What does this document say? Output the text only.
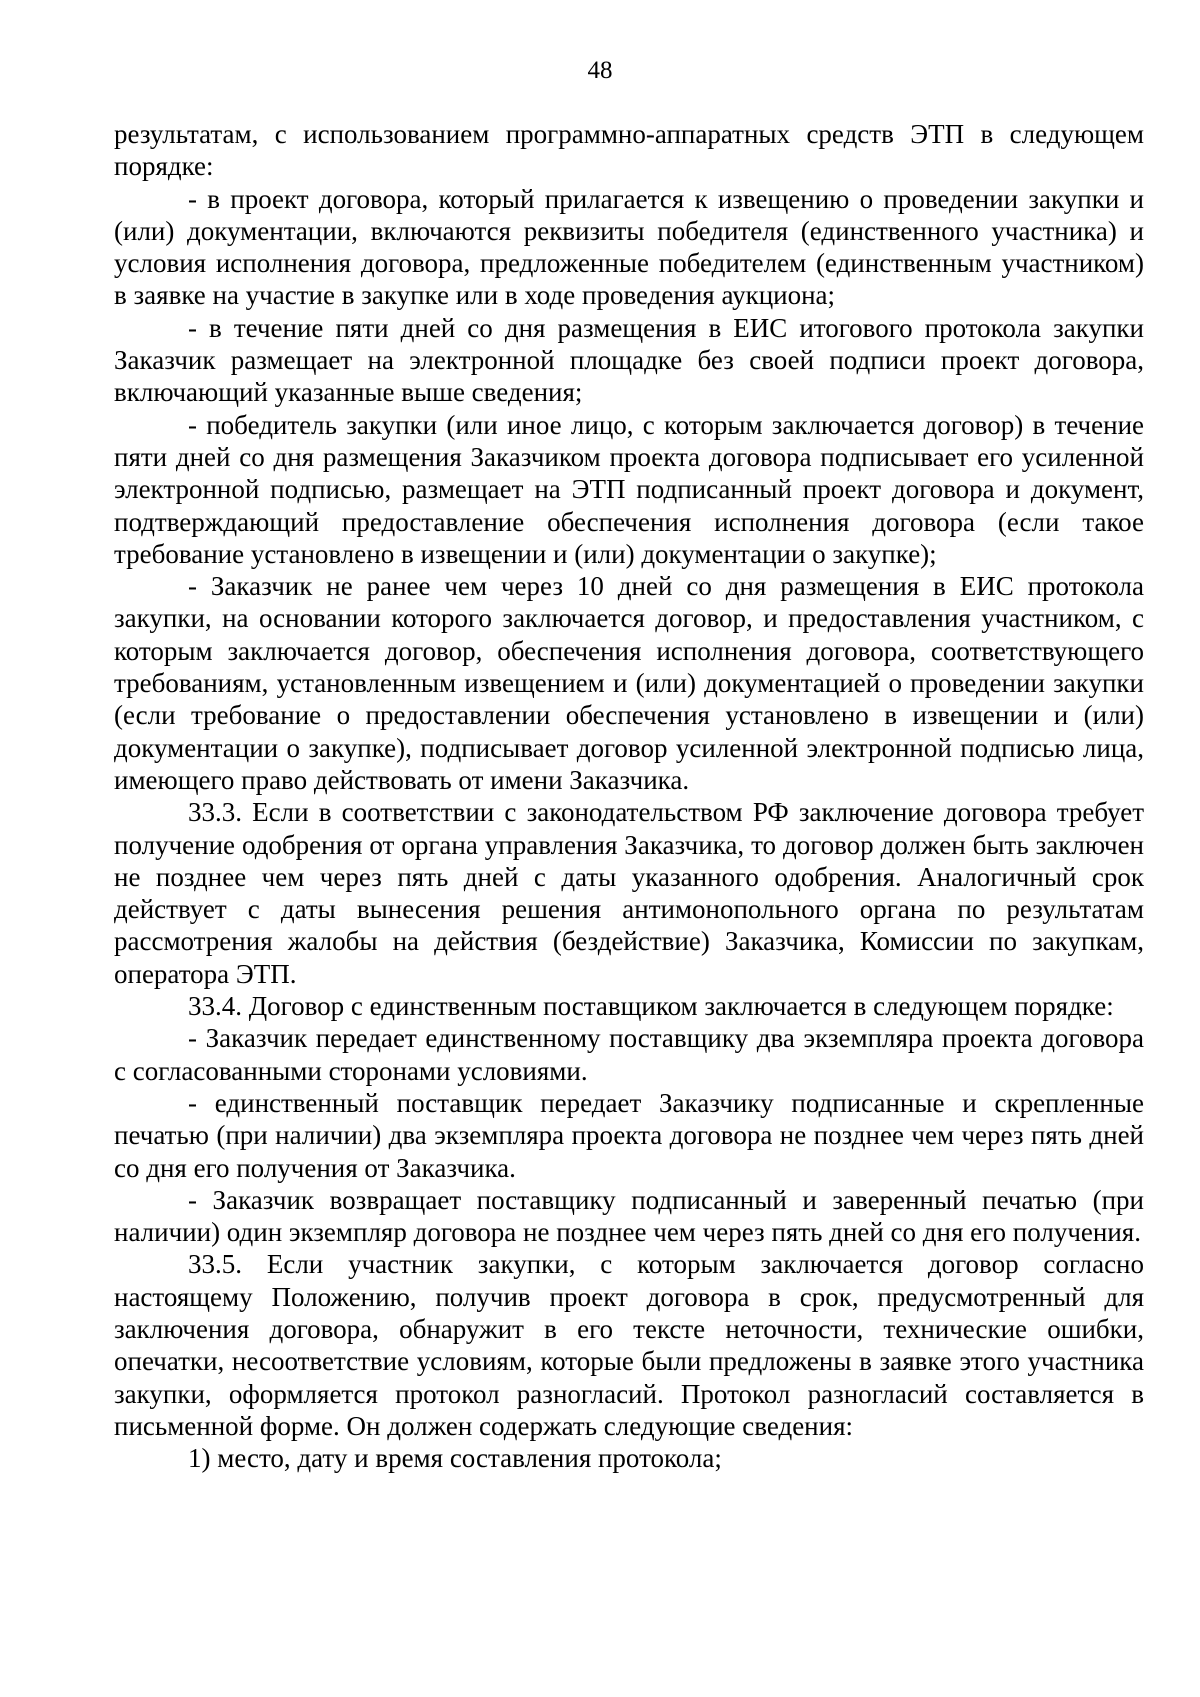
48

результатам, с использованием программно-аппаратных средств ЭТП в следующем порядке:

- в проект договора, который прилагается к извещению о проведении закупки и (или) документации, включаются реквизиты победителя (единственного участника) и условия исполнения договора, предложенные победителем (единственным участником) в заявке на участие в закупке или в ходе проведения аукциона;

- в течение пяти дней со дня размещения в ЕИС итогового протокола закупки Заказчик размещает на электронной площадке без своей подписи проект договора, включающий указанные выше сведения;

- победитель закупки (или иное лицо, с которым заключается договор) в течение пяти дней со дня размещения Заказчиком проекта договора подписывает его усиленной электронной подписью, размещает на ЭТП подписанный проект договора и документ, подтверждающий предоставление обеспечения исполнения договора (если такое требование установлено в извещении и (или) документации о закупке);

- Заказчик не ранее чем через 10 дней со дня размещения в ЕИС протокола закупки, на основании которого заключается договор, и предоставления участником, с которым заключается договор, обеспечения исполнения договора, соответствующего требованиям, установленным извещением и (или) документацией о проведении закупки (если требование о предоставлении обеспечения установлено в извещении и (или) документации о закупке), подписывает договор усиленной электронной подписью лица, имеющего право действовать от имени Заказчика.

33.3. Если в соответствии с законодательством РФ заключение договора требует получение одобрения от органа управления Заказчика, то договор должен быть заключен не позднее чем через пять дней с даты указанного одобрения. Аналогичный срок действует с даты вынесения решения антимонопольного органа по результатам рассмотрения жалобы на действия (бездействие) Заказчика, Комиссии по закупкам, оператора ЭТП.

33.4. Договор с единственным поставщиком заключается в следующем порядке:

- Заказчик передает единственному поставщику два экземпляра проекта договора с согласованными сторонами условиями.

- единственный поставщик передает Заказчику подписанные и скрепленные печатью (при наличии) два экземпляра проекта договора не позднее чем через пять дней со дня его получения от Заказчика.

- Заказчик возвращает поставщику подписанный и заверенный печатью (при наличии) один экземпляр договора не позднее чем через пять дней со дня его получения.

33.5. Если участник закупки, с которым заключается договор согласно настоящему Положению, получив проект договора в срок, предусмотренный для заключения договора, обнаружит в его тексте неточности, технические ошибки, опечатки, несоответствие условиям, которые были предложены в заявке этого участника закупки, оформляется протокол разногласий. Протокол разногласий составляется в письменной форме. Он должен содержать следующие сведения:

1) место, дату и время составления протокола;
